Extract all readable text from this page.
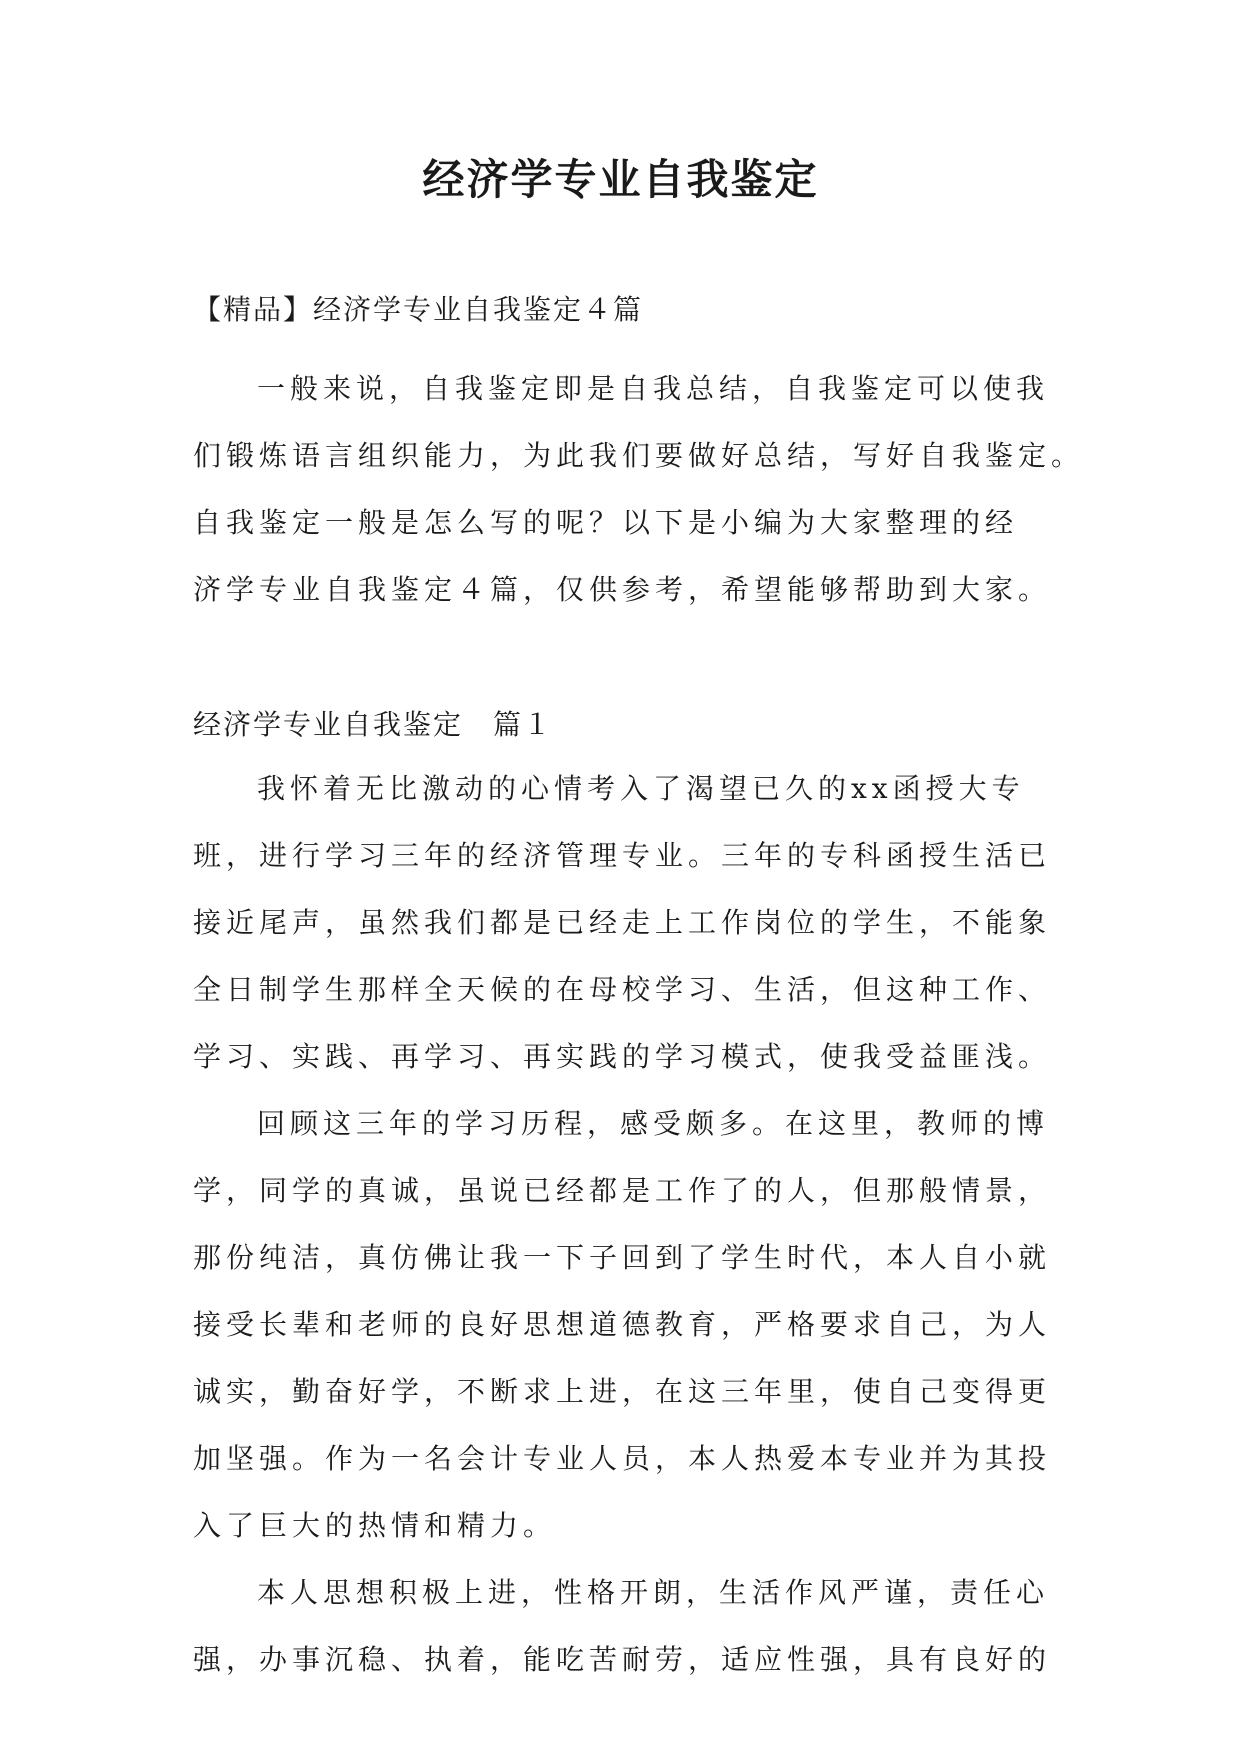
经济学专业自我鉴定
【精品】经济学专业自我鉴定４篇
一般来说，自我鉴定即是自我总结，自我鉴定可以使我
们锻炼语言组织能力，为此我们要做好总结，写好自我鉴定。
自我鉴定一般是怎么写的呢？以下是小编为大家整理的经
济学专业自我鉴定４篇，仅供参考，希望能够帮助到大家。
经济学专业自我鉴定　篇１
我怀着无比激动的心情考入了渴望已久的xx函授大专
班，进行学习三年的经济管理专业。三年的专科函授生活已
接近尾声，虽然我们都是已经走上工作岗位的学生，不能象
全日制学生那样全天候的在母校学习、生活，但这种工作、
学习、实践、再学习、再实践的学习模式，使我受益匪浅。
回顾这三年的学习历程，感受颇多。在这里，教师的博
学，同学的真诚，虽说已经都是工作了的人，但那般情景，
那份纯洁，真仿佛让我一下子回到了学生时代，本人自小就
接受长辈和老师的良好思想道德教育，严格要求自己，为人
诚实，勤奋好学，不断求上进，在这三年里，使自己变得更
加坚强。作为一名会计专业人员，本人热爱本专业并为其投
入了巨大的热情和精力。
本人思想积极上进，性格开朗，生活作风严谨，责任心
强，办事沉稳、执着，能吃苦耐劳，适应性强，具有良好的
